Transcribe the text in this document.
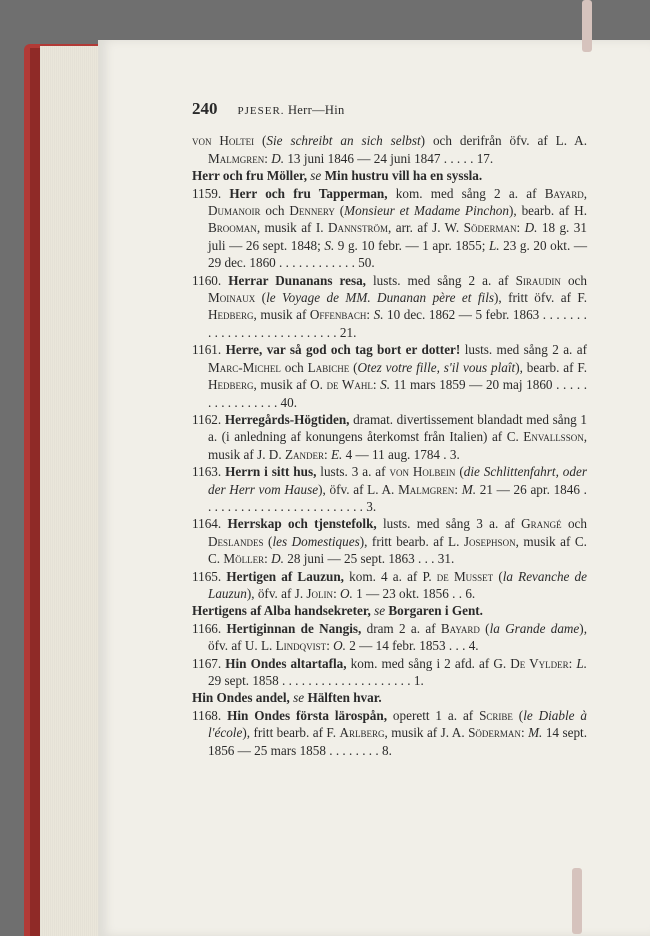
240 PJESER. Herr—Hin
von Holtei (Sie schreibt an sich selbst) och derifrån öfv. af L. A. Malmgren: D. 13 juni 1846 — 24 juni 1847 . . . . . 17.
Herr och fru Möller, se Min hustru vill ha en syssla.
1159. Herr och fru Tapperman, kom. med sång 2 a. af Bayard, Dumanoir och Dennery (Monsieur et Madame Pinchon), bearb. af H. Brooman, musik af I. Dannström, arr. af J. W. Söderman: D. 18 g. 31 juli — 26 sept. 1848; S. 9 g. 10 febr. — 1 apr. 1855; L. 23 g. 20 okt. — 29 dec. 1860 . . . . . . . . . . . . 50.
1160. Herrar Dunanans resa, lusts. med sång 2 a. af Siraudin och Moinaux (le Voyage de MM. Dunanan père et fils), fritt öfv. af F. Hedberg, musik af Offenbach: S. 10 dec. 1862 — 5 febr. 1863 . . . . . . . . . . . . . . . . . . . . . . . . . . . 21.
1161. Herre, var så god och tag bort er dotter! lusts. med sång 2 a. af Marc-Michel och Labiche (Otez votre fille, s'il vous plaît), bearb. af F. Hedberg, musik af O. de Wahl: S. 11 mars 1859 — 20 maj 1860 . . . . . . . . . . . . . . . . 40.
1162. Herregårds-Högtiden, dramat. divertissement blandadt med sång 1 a. (i anledning af konungens återkomst från Italien) af C. Envallsson, musik af J. D. Zander: E. 4 — 11 aug. 1784 . 3.
1163. Herrn i sitt hus, lusts. 3 a. af von Holbein (die Schlittenfahrt, oder der Herr vom Hause), öfv. af L. A. Malmgren: M. 21 — 26 apr. 1846 . . . . . . . . . . . . . . . . . . . . . . . . . 3.
1164. Herrskap och tjenstefolk, lusts. med sång 3 a. af Grangé och Deslandes (les Domestiques), fritt bearb. af L. Josephson, musik af C. C. Möller: D. 28 juni — 25 sept. 1863 . . . 31.
1165. Hertigen af Lauzun, kom. 4 a. af P. de Musset (la Revanche de Lauzun), öfv. af J. Jolin: O. 1 — 23 okt. 1856 . . 6.
Hertigens af Alba handsekreter, se Borgaren i Gent.
1166. Hertiginnan de Nangis, dram 2 a. af Bayard (la Grande dame), öfv. af U. L. Lindqvist: O. 2 — 14 febr. 1853 . . . 4.
1167. Hin Ondes altartafla, kom. med sång i 2 afd. af G. De Vylder: L. 29 sept. 1858 . . . . . . . . . . . . . . . . . . . . 1.
Hin Ondes andel, se Hälften hvar.
1168. Hin Ondes första lärospån, operett 1 a. af Scribe (le Diable à l'école), fritt bearb. af F. Arlberg, musik af J. A. Söderman: M. 14 sept. 1856 — 25 mars 1858 . . . . . . . . 8.
